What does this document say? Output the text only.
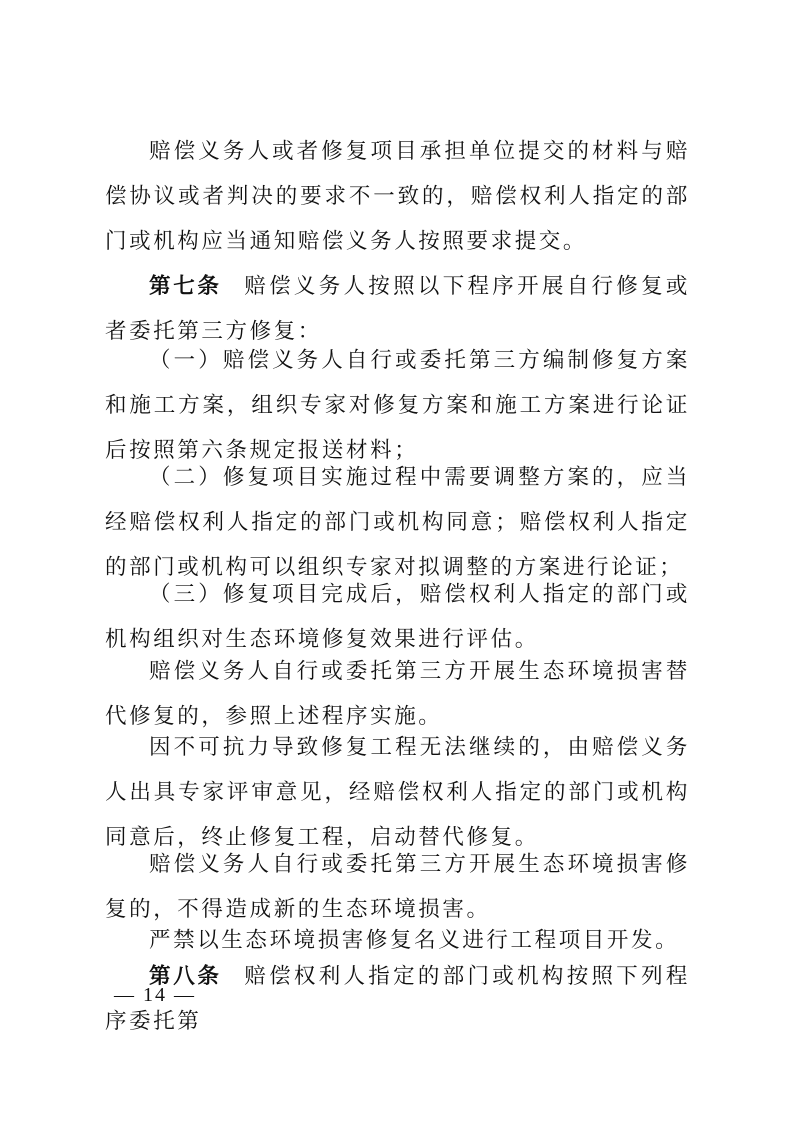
赔偿义务人或者修复项目承担单位提交的材料与赔偿协议或者判决的要求不一致的，赔偿权利人指定的部门或机构应当通知赔偿义务人按照要求提交。

第七条 赔偿义务人按照以下程序开展自行修复或者委托第三方修复：

（一）赔偿义务人自行或委托第三方编制修复方案和施工方案，组织专家对修复方案和施工方案进行论证后按照第六条规定报送材料；

（二）修复项目实施过程中需要调整方案的，应当经赔偿权利人指定的部门或机构同意；赔偿权利人指定的部门或机构可以组织专家对拟调整的方案进行论证；

（三）修复项目完成后，赔偿权利人指定的部门或机构组织对生态环境修复效果进行评估。

赔偿义务人自行或委托第三方开展生态环境损害替代修复的，参照上述程序实施。

因不可抗力导致修复工程无法继续的，由赔偿义务人出具专家评审意见，经赔偿权利人指定的部门或机构同意后，终止修复工程，启动替代修复。

赔偿义务人自行或委托第三方开展生态环境损害修复的，不得造成新的生态环境损害。

严禁以生态环境损害修复名义进行工程项目开发。

第八条 赔偿权利人指定的部门或机构按照下列程序委托第

— 14 —
